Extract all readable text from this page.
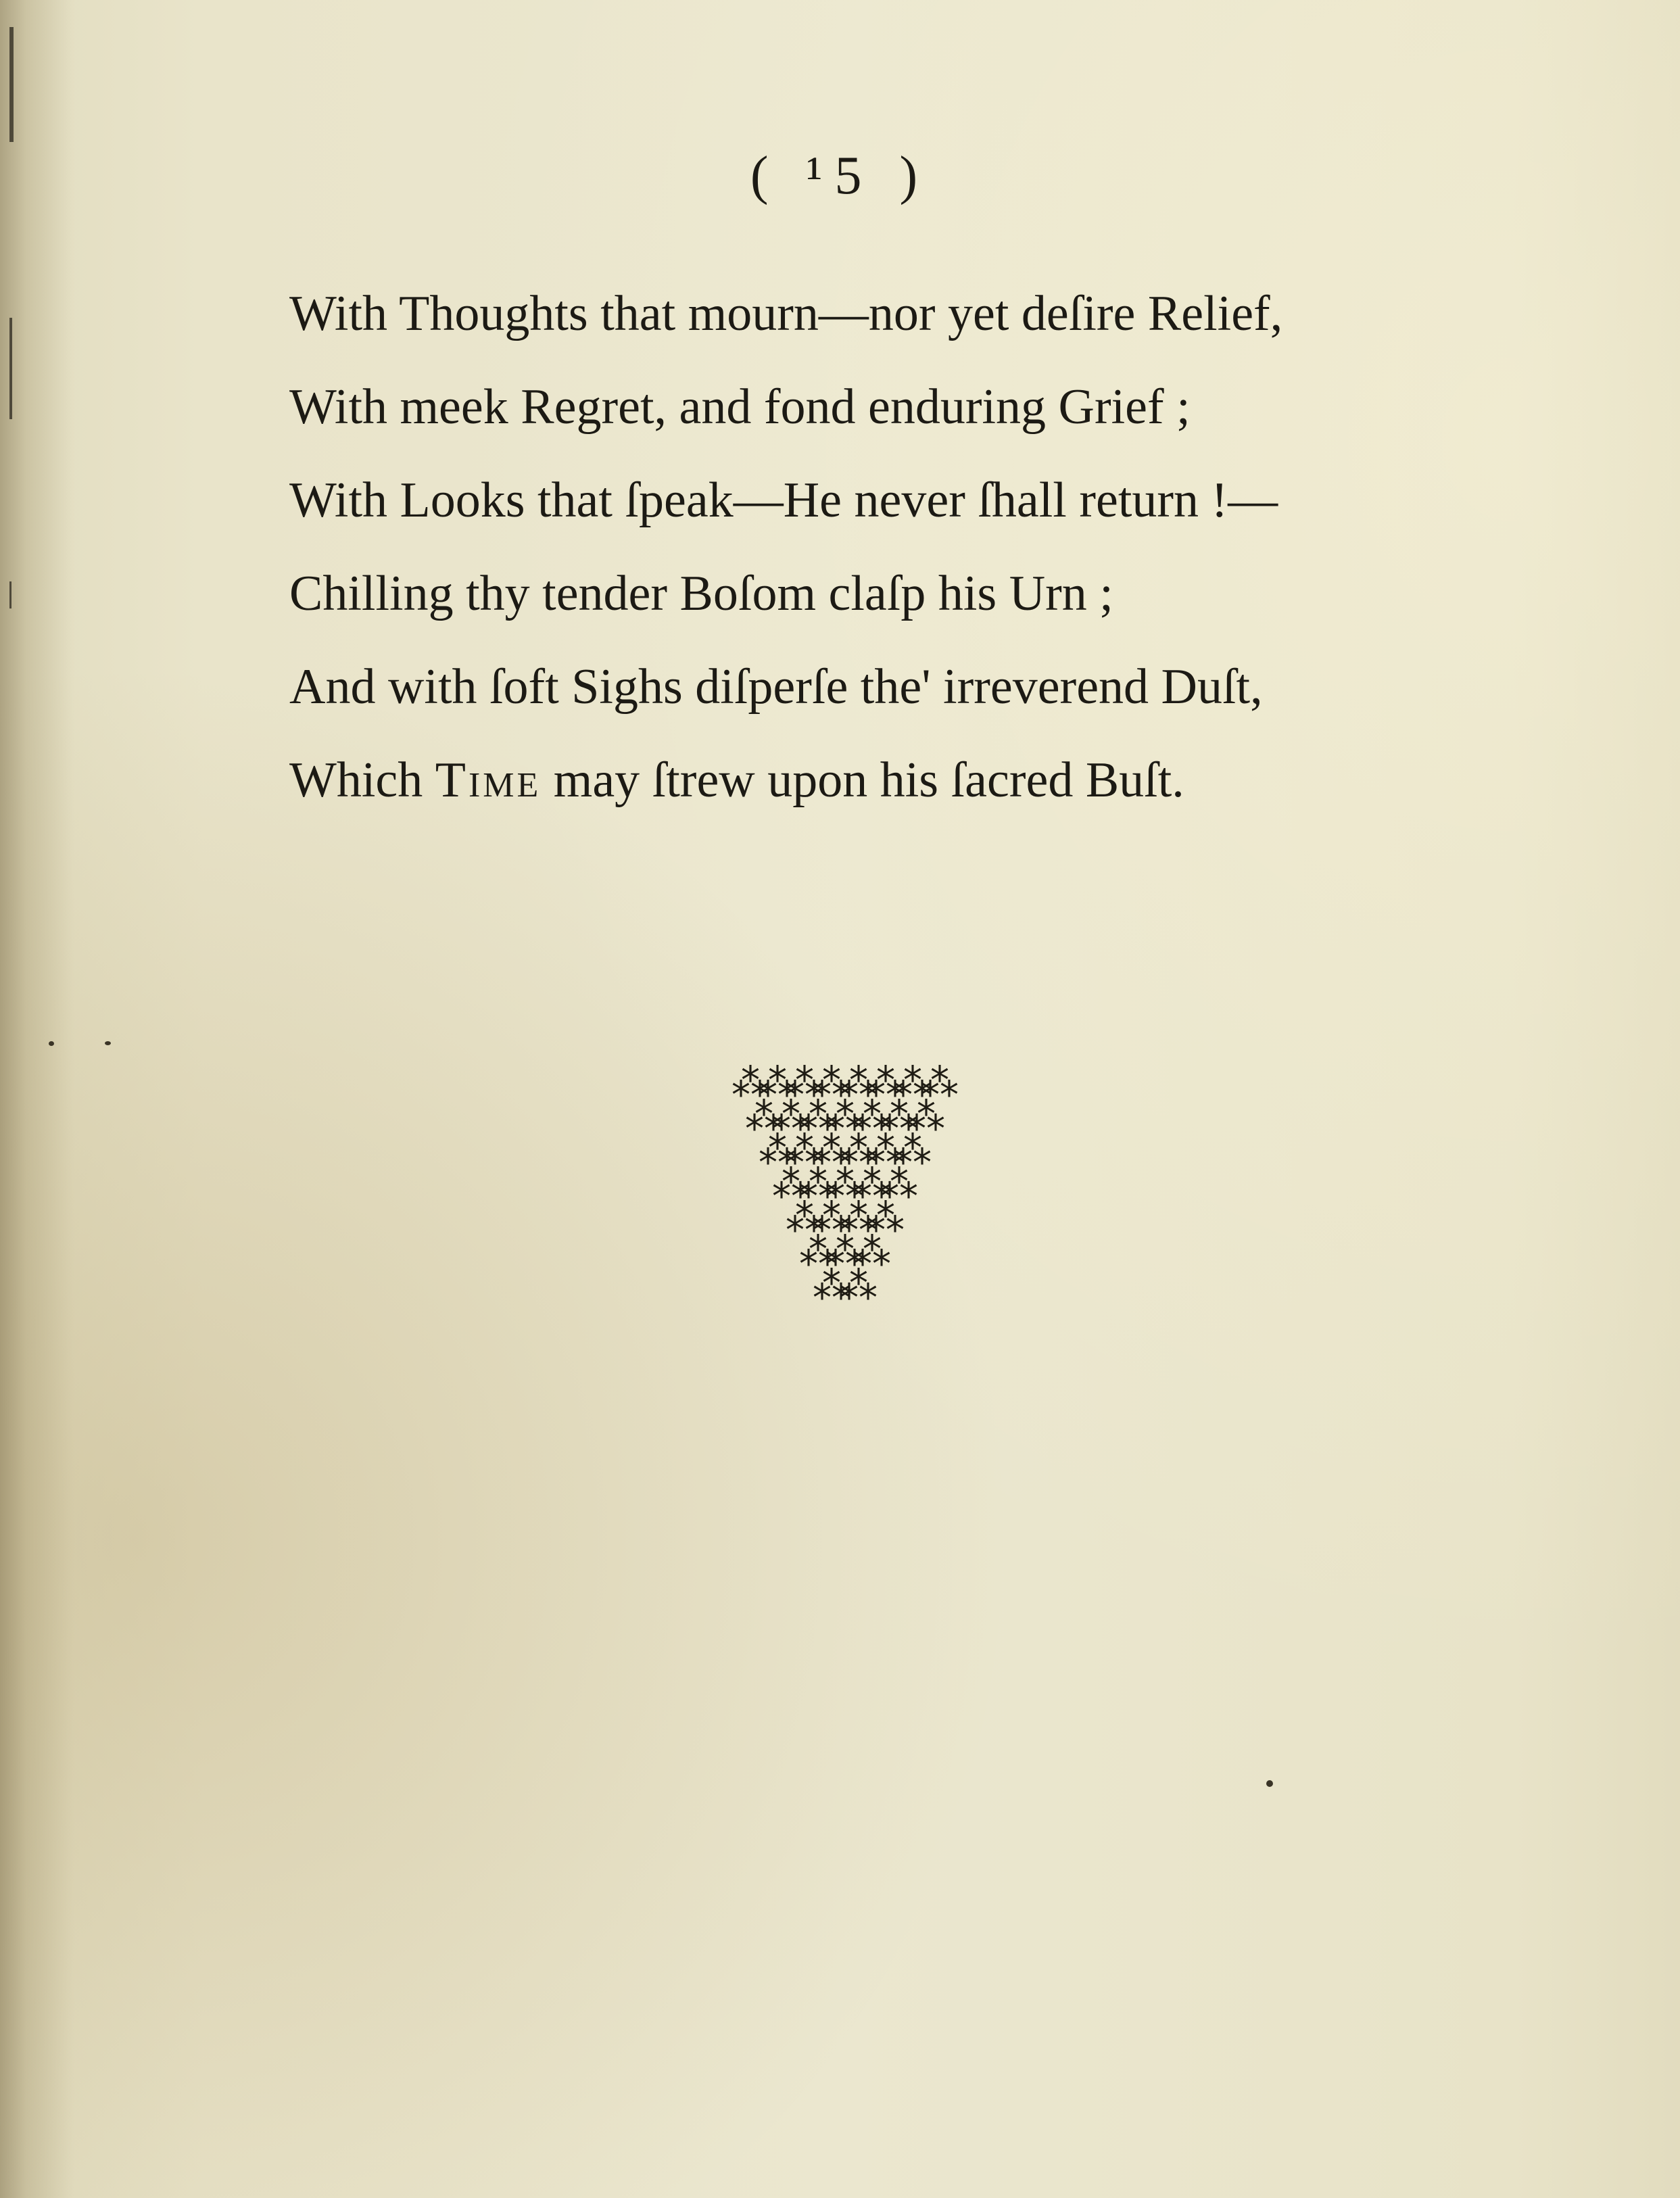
( ¹5 )
With Thoughts that mourn—nor yet deſire Relief,
With meek Regret, and fond enduring Grief ;
With Looks that ſpeak—He never ſhall return !—
Chilling thy tender Boſom claſp his Urn ;
And with ſoft Sighs diſperſe the' irreverend Duſt,
Which Time may ſtrew upon his ſacred Buſt.
⁂⁂⁂⁂⁂⁂⁂⁂
⁂⁂⁂⁂⁂⁂⁂
⁂⁂⁂⁂⁂⁂
⁂⁂⁂⁂⁂
⁂⁂⁂⁂
⁂⁂⁂
⁂⁂
